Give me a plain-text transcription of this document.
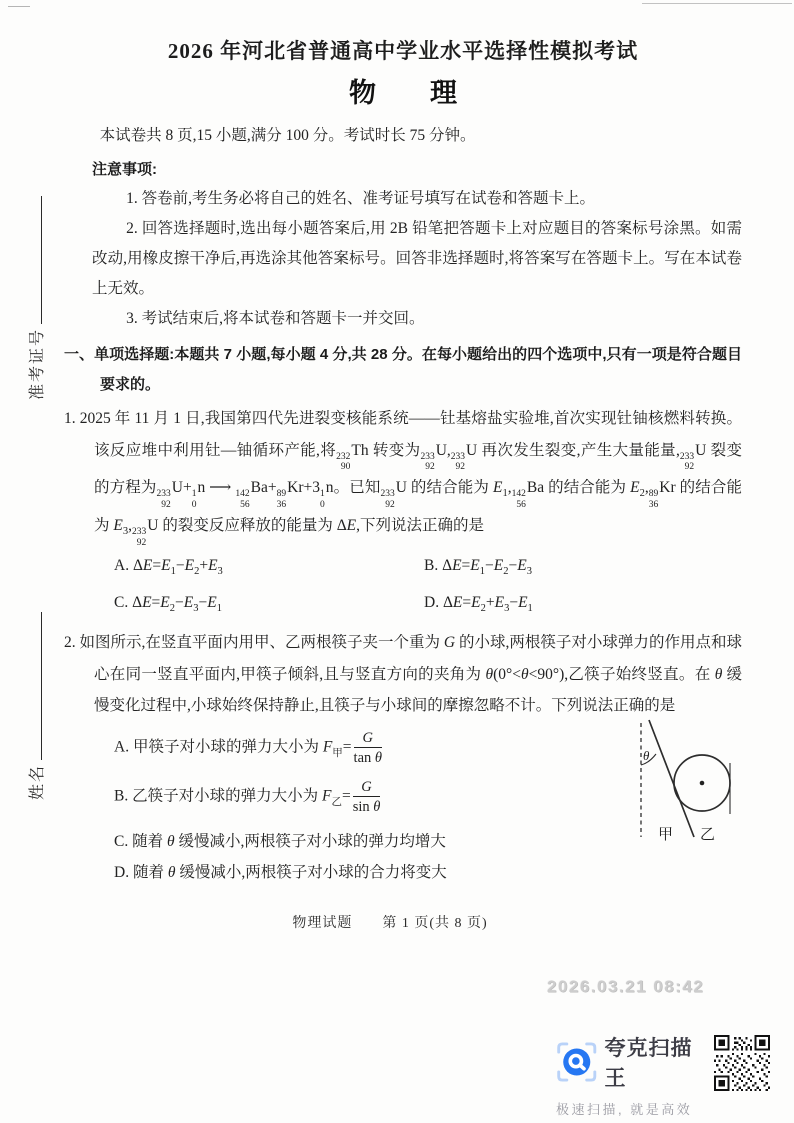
准考证号
姓名
2026 年河北省普通高中学业水平选择性模拟考试
物　　理

本试卷共 8 页,15 小题,满分 100 分。考试时长 75 分钟。

注意事项:

1. 答卷前,考生务必将自己的姓名、准考证号填写在试卷和答题卡上。

2. 回答选择题时,选出每小题答案后,用 2B 铅笔把答题卡上对应题目的答案标号涂黑。如需改动,用橡皮擦干净后,再选涂其他答案标号。回答非选择题时,将答案写在答题卡上。写在本试卷上无效。

3. 考试结束后,将本试卷和答题卡一并交回。

一、单项选择题:本题共 7 小题,每小题 4 分,共 28 分。在每小题给出的四个选项中,只有一项是符合题目要求的。

1. 2025 年 11 月 1 日,我国第四代先进裂变核能系统——钍基熔盐实验堆,首次实现钍铀核燃料转换。该反应堆中利用钍—铀循环产能,将 232
90
Th 转变为 233
92
U, 233
92
U 再次发生裂变,产生大量能量, 233
92
U 裂变的方程为 233
92
U+ 1
0
n ⟶ 142
56
Ba+ 89
36
Kr+3 1
0
n。已知 233
92
U 的结合能为 $E_1$, 142
56
Ba 的结合能为 $E_2$, 89
36
Kr 的结合能为 $E_3$, 233
92
U 的裂变反应释放的能量为 ΔE,下列说法正确的是

A. $\Delta E=E_1-E_2+E_3$	B. $\Delta E=E_1-E_2-E_3$
C. $\Delta E=E_2-E_3-E_1$	D. $\Delta E=E_2+E_3-E_1$

2. 如图所示,在竖直平面内用甲、乙两根筷子夹一个重为 G 的小球,两根筷子对小球弹力的作用点和球心在同一竖直平面内,甲筷子倾斜,且与竖直方向的夹角为 θ(0°<θ<90°),乙筷子始终竖直。在 θ 缓慢变化过程中,小球始终保持静止,且筷子与小球间的摩擦忽略不计。下列说法正确的是

A. 甲筷子对小球的弹力大小为 $F_甲= \frac{G}{\text{tan θ}}$
B. 乙筷子对小球的弹力大小为 $F_乙= \frac{G}{\text{sin θ}}$
C. 随着 θ 缓慢减小,两根筷子对小球的弹力均增大
D. 随着 θ 缓慢减小,两根筷子对小球的合力将变大
θ
甲 乙
物理试题　　第 1 页(共 8 页)
2026.03.21 08:42
夸克扫描王
极速扫描, 就是高效
